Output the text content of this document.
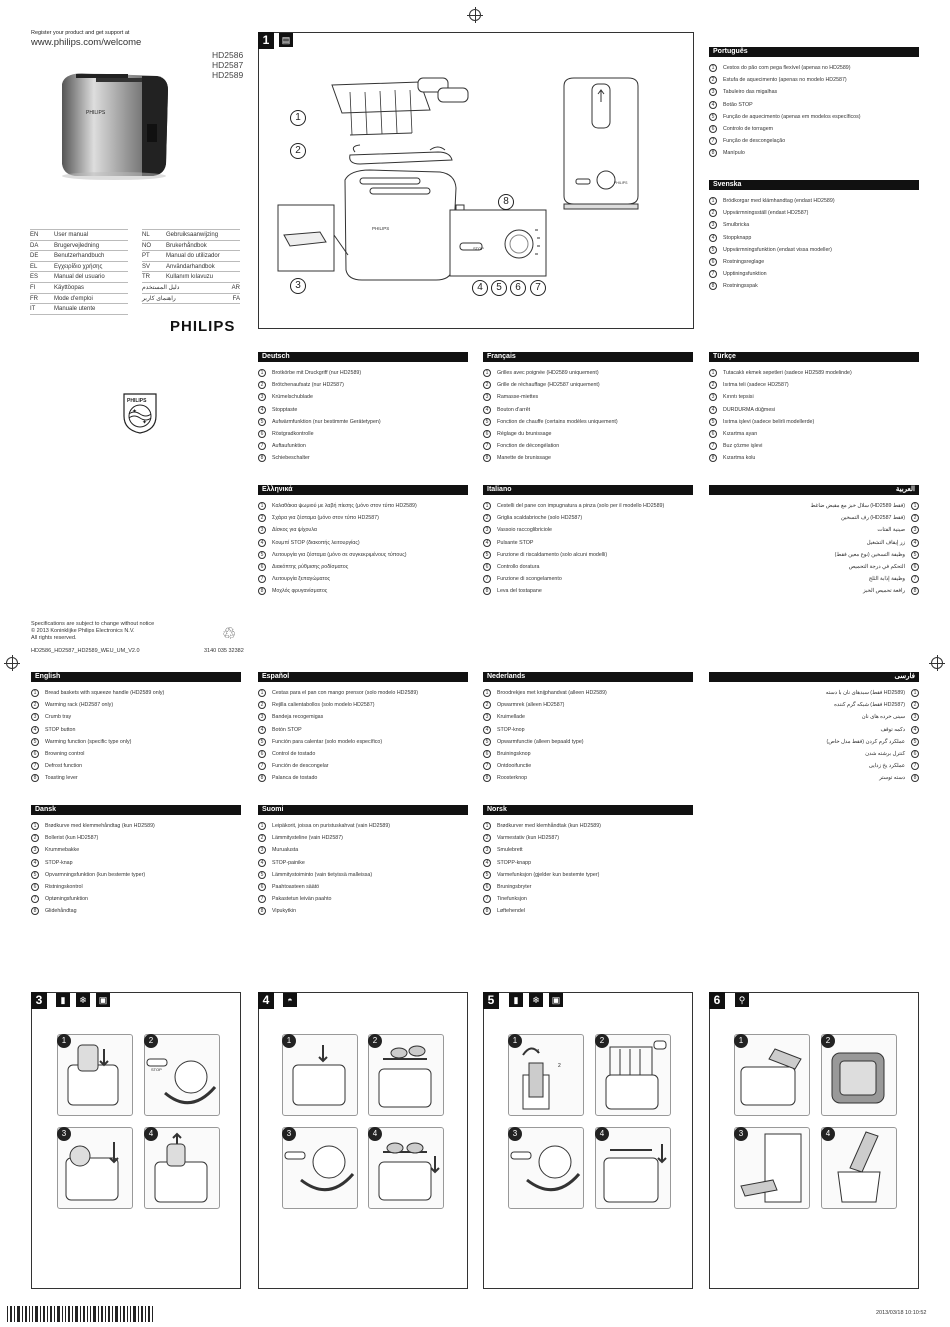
Register your product and get support at
www.philips.com/welcome
HD2586
HD2587
HD2589
PHILIPS
EN	User manual
DA	Brugervejledning
DE	Benutzerhandbuch
EL	Εγχειρίδιο χρήσης
ES	Manual del usuario
FI	Käyttöopas
FR	Mode d'emploi
IT	Manuale utente
NL	Gebruiksaanwijzing
NO	Brukerhåndbok
PT	Manual do utilizador
SV	Användarhandbok
TR	Kullanım kılavuzu
دليل المستخدم	AR
راهنمای کاربر	FA
PHILIPS
PHILIPS
✦
✦
1	▤
PHILIPS
1
2
3	4	5	6	7
8
STOP
PHILIPS
Português
1	Cestos do pão com pega flexível (apenas no HD2589)
2	Estufa de aquecimento (apenas no modelo HD2587)
3	Tabuleiro das migalhas
4	Botão STOP
5	Função de aquecimento (apenas em modelos específicos)
6	Controlo de torragem
7	Função de descongelação
8	Manípulo
Svenska
1	Brödkorgar med klämhandtag (endast HD2589)
2	Uppvärmningsställ (endast HD2587)
3	Smulbricka
4	Stoppknapp
5	Uppvärmningsfunktion (endast vissa modeller)
6	Rostningsreglage
7	Upptiningsfunktion
8	Rostningsspak
Deutsch
1	Brotkörbe mit Druckgriff (nur HD2589)
2	Brötchenaufsatz (nur HD2587)
3	Krümelschublade
4	Stopptaste
5	Aufwärmfunktion (nur bestimmte Gerätetypen)
6	Röstgradkontrolle
7	Auftaufunktion
8	Schiebeschalter
Français
1	Grilles avec poignée (HD2589 uniquement)
2	Grille de réchauffage (HD2587 uniquement)
3	Ramasse-miettes
4	Bouton d'arrêt
5	Fonction de chauffe (certains modèles uniquement)
6	Réglage du brunissage
7	Fonction de décongélation
8	Manette de brunissage
Türkçe
1	Tutacaklı ekmek sepetleri (sadece HD2589 modelinde)
2	Isıtma teli (sadece HD2587)
3	Kırıntı tepsisi
4	DURDURMA düğmesi
5	Isıtma işlevi (sadece belirli modellerde)
6	Kızartma ayarı
7	Buz çözme işlevi
8	Kızartma kolu
Ελληνικά
1	Καλαθάκια ψωμιού με λαβή πίεσης (μόνο στον τύπο HD2589)
2	Σχάρα για ζέσταμα (μόνο στον τύπο HD2587)
3	Δίσκος για ψίχουλα
4	Κουμπί STOP (διακοπής λειτουργίας)
5	Λειτουργία για ζέσταμα (μόνο σε συγκεκριμένους τύπους)
6	Διακόπτης ρύθμισης ροδίσματος
7	Λειτουργία ξεπαγώματος
8	Μοχλός φρυγανίσματος
Italiano
1	Cestelli del pane con impugnatura a pinza (solo per il modello HD2589)
2	Griglia scaldabrioche (solo HD2587)
3	Vassoio raccoglibriciole
4	Pulsante STOP
5	Funzione di riscaldamento (solo alcuni modelli)
6	Controllo doratura
7	Funzione di scongelamento
8	Leva del tostapane
العربية
1
سلال خبز مع مقبض ضاغط (HD2589 فقط)
2
رف التسخين (HD2587 فقط)
3
صينية الفتات
4
زر إيقاف التشغيل
5
وظيفة التسخين (نوع معين فقط)
6
التحكم في درجة التحميص
7
وظيفة إذابة الثلج
8
رافعة تحميص الخبز
Specifications are subject to change without notice
© 2013 Koninklijke Philips Electronics N.V.
All rights reserved.	♲
HD2586_HD2587_HD2589_WEU_UM_V2.0	3140 035 32382
English
1	Bread baskets with squeeze handle (HD2589 only)
2	Warming rack (HD2587 only)
3	Crumb tray
4	STOP button
5	Warming function (specific type only)
6	Browning control
7	Defrost function
8	Toasting lever
Español
1	Cestas para el pan con mango prensor (solo modelo HD2589)
2	Rejilla calientabollos (solo modelo HD2587)
3	Bandeja recogemigas
4	Botón STOP
5	Función para calentar (solo modelo específico)
6	Control de tostado
7	Función de descongelar
8	Palanca de tostado
Nederlands
1	Broodrekjes met knijphandvat (alleen HD2589)
2	Opwarmrek (alleen HD2587)
3	Kruimellade
4	STOP-knop
5	Opwarmfunctie (alleen bepaald type)
6	Bruiningsknop
7	Ontdooifunctie
8	Roosterknop
فارسی
1
سبدهای نان با دسته (فقط HD2589)
2
شبکه گرم کننده (فقط HD2587)
3
سینی خرده های نان
4
دکمه توقف
5
عملکرد گرم کردن (فقط مدل خاص)
6
کنترل برشته شدن
7
عملکرد یخ زدایی
8
دسته توستر
Dansk
1	Brødkurve med klemmehåndtag (kun HD2589)
2	Bollerist (kun HD2587)
3	Krummebakke
4	STOP-knap
5	Opvarmningsfunktion (kun bestemte typer)
6	Ristningskontrol
7	Optøningsfunktion
8	Glidehåndtag
Suomi
1	Leipäkorit, joissa on puristuskahvat (vain HD2589)
2	Lämmitysteline (vain HD2587)
3	Murualusta
4	STOP-painike
5	Lämmitystoiminto (vain tietyissä malleissa)
6	Paahtoasteen säätö
7	Pakastetun leivän paahto
8	Vipukytkin
Norsk
1	Brødkurver med klemhåndtak (kun HD2589)
2	Varmestativ (kun HD2587)
3	Smulebrett
4	STOPP-knapp
5	Varmefunksjon (gjelder kun bestemte typer)
6	Bruningsbryter
7	Tinefunksjon
8	Løftehendel
3	▮	❄	▣
1	2
STOP
3	4
4	◓
1	2
3	4
5	▮	❄	▣
1
1
2
2
3	4
6	⚲
1	2
3	4
2013/03/18 10:10:52
